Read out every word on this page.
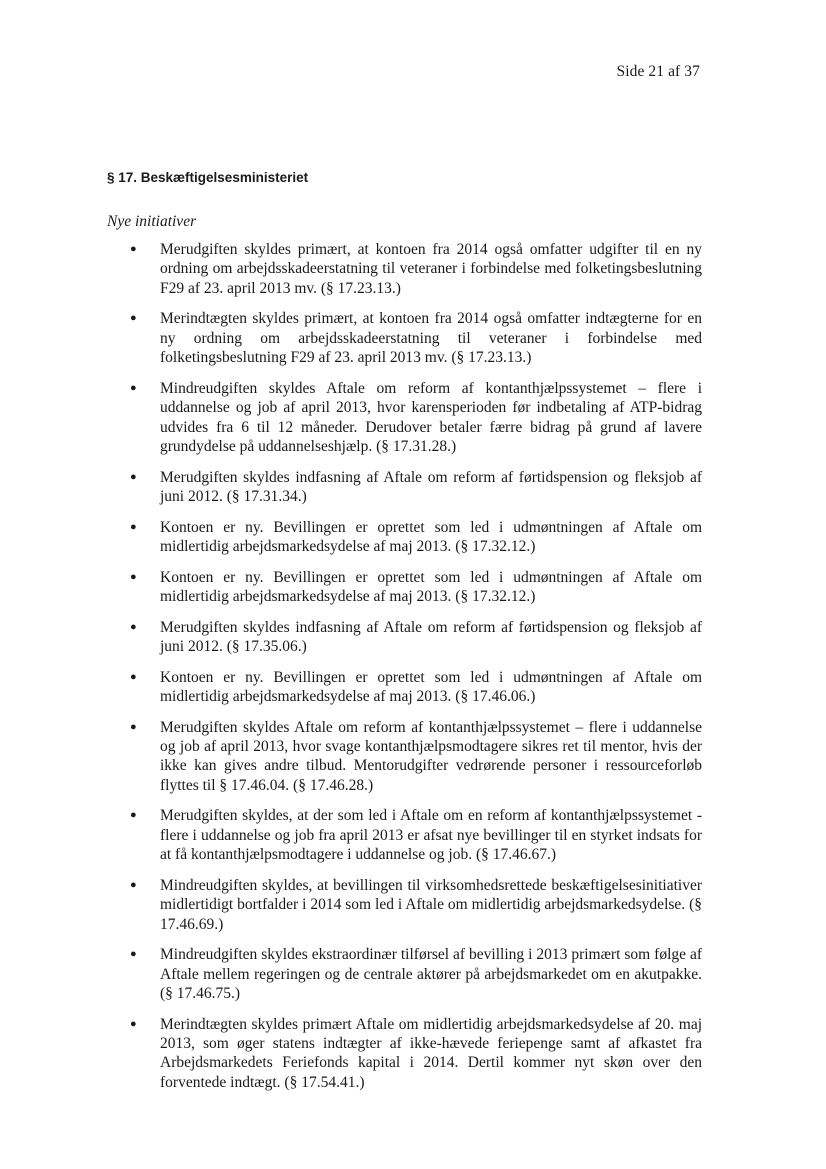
Side 21 af 37
§ 17. Beskæftigelsesministeriet
Nye initiativer
● Merudgiften skyldes primært, at kontoen fra 2014 også omfatter udgifter til en ny ordning om arbejdsskadeerstatning til veteraner i forbindelse med folketingsbeslutning F29 af 23. april 2013 mv. (§ 17.23.13.)
● Merindtægten skyldes primært, at kontoen fra 2014 også omfatter indtægterne for en ny ordning om arbejdsskadeerstatning til veteraner i forbindelse med folketingsbeslutning F29 af 23. april 2013 mv. (§ 17.23.13.)
● Mindreudgiften skyldes Aftale om reform af kontanthjælpssystemet – flere i uddannelse og job af april 2013, hvor karensperioden før indbetaling af ATP-bidrag udvides fra 6 til 12 måneder. Derudover betaler færre bidrag på grund af lavere grundydelse på uddannelseshjælp. (§ 17.31.28.)
● Merudgiften skyldes indfasning af Aftale om reform af førtidspension og fleksjob af juni 2012. (§ 17.31.34.)
● Kontoen er ny. Bevillingen er oprettet som led i udmøntningen af Aftale om midlertidig arbejdsmarkedsydelse af maj 2013. (§ 17.32.12.)
● Kontoen er ny. Bevillingen er oprettet som led i udmøntningen af Aftale om midlertidig arbejdsmarkedsydelse af maj 2013. (§ 17.32.12.)
● Merudgiften skyldes indfasning af Aftale om reform af førtidspension og fleksjob af juni 2012. (§ 17.35.06.)
● Kontoen er ny. Bevillingen er oprettet som led i udmøntningen af Aftale om midlertidig arbejdsmarkedsydelse af maj 2013. (§ 17.46.06.)
● Merudgiften skyldes Aftale om reform af kontanthjælpssystemet – flere i uddannelse og job af april 2013, hvor svage kontanthjælpsmodtagere sikres ret til mentor, hvis der ikke kan gives andre tilbud. Mentorudgifter vedrørende personer i ressourceforløb flyttes til § 17.46.04. (§ 17.46.28.)
● Merudgiften skyldes, at der som led i Aftale om en reform af kontanthjælpssystemet - flere i uddannelse og job fra april 2013 er afsat nye bevillinger til en styrket indsats for at få kontanthjælpsmodtagere i uddannelse og job. (§ 17.46.67.)
● Mindreudgiften skyldes, at bevillingen til virksomhedsrettede beskæftigelsesinitiativer midlertidigt bortfalder i 2014 som led i Aftale om midlertidig arbejdsmarkedsydelse. (§ 17.46.69.)
● Mindreudgiften skyldes ekstraordinær tilførsel af bevilling i 2013 primært som følge af Aftale mellem regeringen og de centrale aktører på arbejdsmarkedet om en akutpakke. (§ 17.46.75.)
● Merindtægten skyldes primært Aftale om midlertidig arbejdsmarkedsydelse af 20. maj 2013, som øger statens indtægter af ikke-hævede feriepenge samt af afkastet fra Arbejdsmarkedets Feriefonds kapital i 2014. Dertil kommer nyt skøn over den forventede indtægt. (§ 17.54.41.)
